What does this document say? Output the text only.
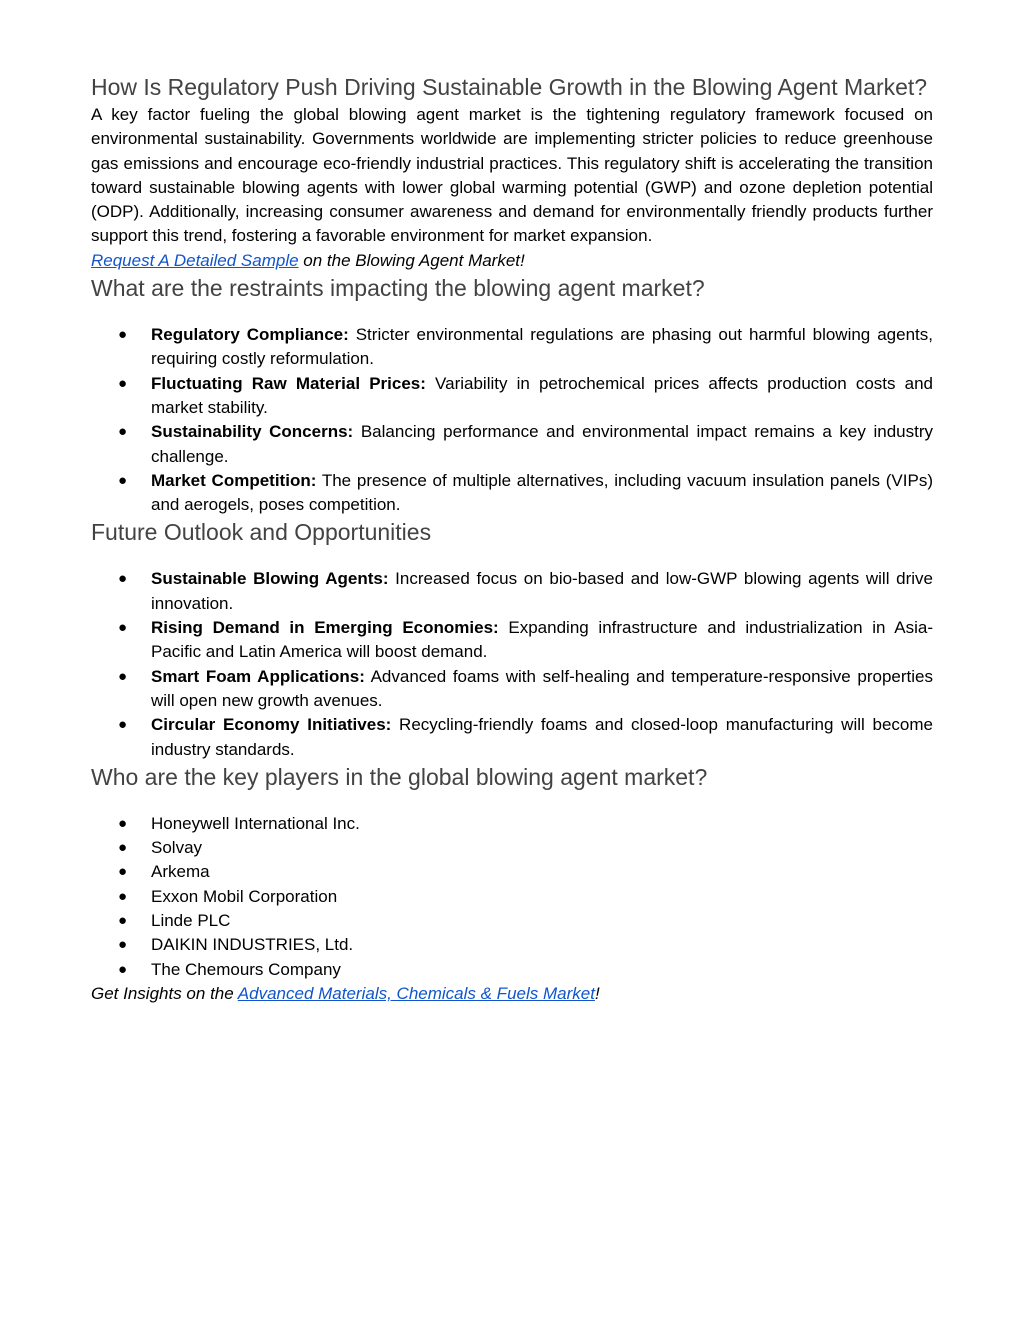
How Is Regulatory Push Driving Sustainable Growth in the Blowing Agent Market?

A key factor fueling the global blowing agent market is the tightening regulatory framework focused on environmental sustainability. Governments worldwide are implementing stricter policies to reduce greenhouse gas emissions and encourage eco-friendly industrial practices. This regulatory shift is accelerating the transition toward sustainable blowing agents with lower global warming potential (GWP) and ozone depletion potential (ODP). Additionally, increasing consumer awareness and demand for environmentally friendly products further support this trend, fostering a favorable environment for market expansion.

Request A Detailed Sample on the Blowing Agent Market!

What are the restraints impacting the blowing agent market?
● Regulatory Compliance: Stricter environmental regulations are phasing out harmful blowing agents, requiring costly reformulation.
● Fluctuating Raw Material Prices: Variability in petrochemical prices affects production costs and market stability.
● Sustainability Concerns: Balancing performance and environmental impact remains a key industry challenge.
● Market Competition: The presence of multiple alternatives, including vacuum insulation panels (VIPs) and aerogels, poses competition.
Future Outlook and Opportunities
● Sustainable Blowing Agents: Increased focus on bio-based and low-GWP blowing agents will drive innovation.
● Rising Demand in Emerging Economies: Expanding infrastructure and industrialization in Asia-Pacific and Latin America will boost demand.
● Smart Foam Applications: Advanced foams with self-healing and temperature-responsive properties will open new growth avenues.
● Circular Economy Initiatives: Recycling-friendly foams and closed-loop manufacturing will become industry standards.
Who are the key players in the global blowing agent market?
● Honeywell International Inc.
● Solvay
● Arkema
● Exxon Mobil Corporation
● Linde PLC
● DAIKIN INDUSTRIES, Ltd.
● The Chemours Company

Get Insights on the Advanced Materials, Chemicals & Fuels Market!
